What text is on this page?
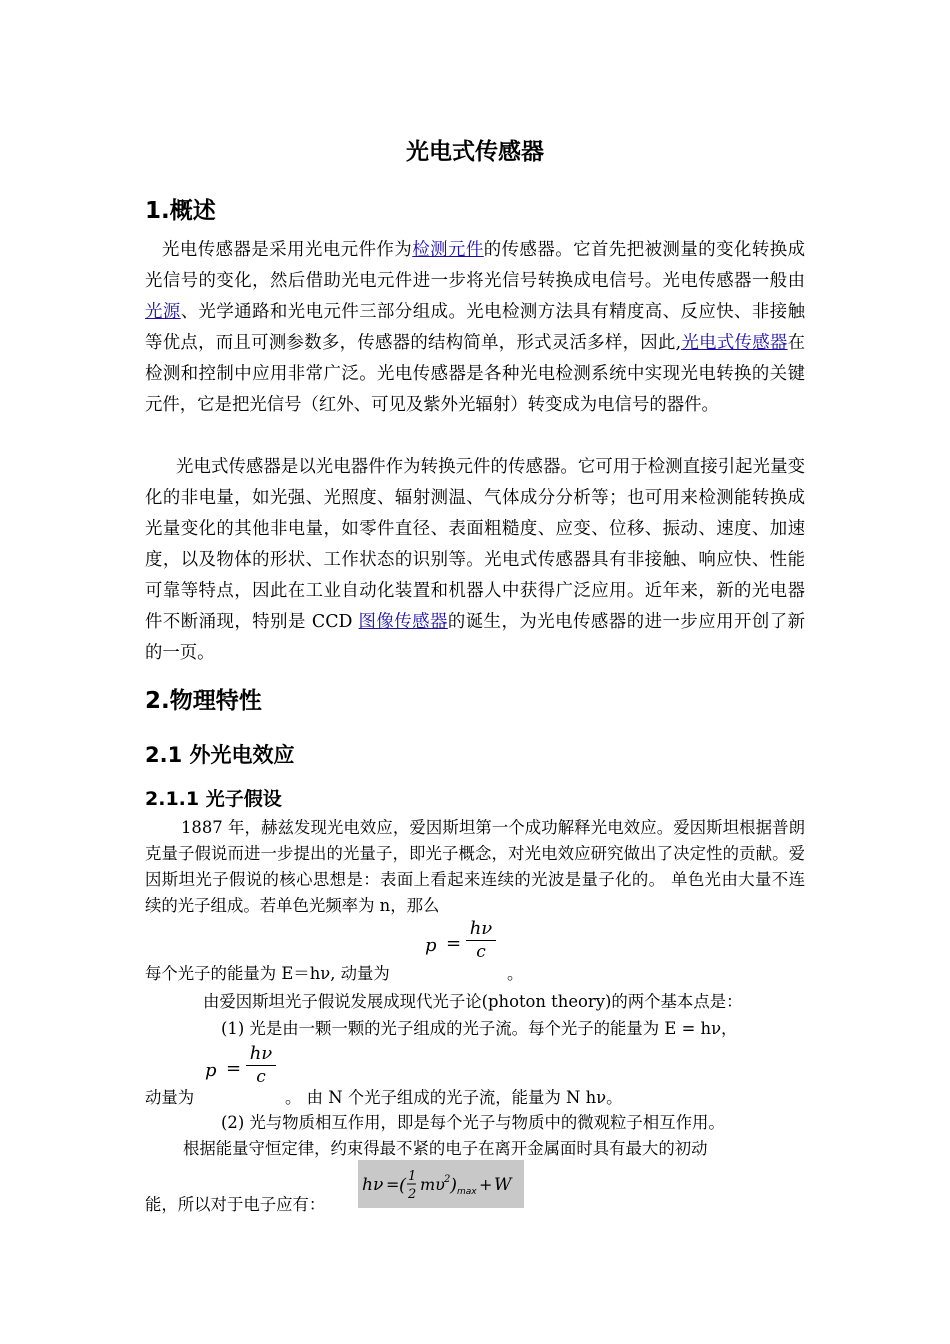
光电式传感器
1.概述
光电传感器是采用光电元件作为检测元件的传感器。它首先把被测量的变化转换成光信号的变化，然后借助光电元件进一步将光信号转换成电信号。光电传感器一般由光源、光学通路和光电元件三部分组成。光电检测方法具有精度高、反应快、非接触等优点，而且可测参数多，传感器的结构简单，形式灵活多样，因此,光电式传感器在检测和控制中应用非常广泛。光电传感器是各种光电检测系统中实现光电转换的关键元件，它是把光信号（红外、可见及紫外光辐射）转变成为电信号的器件。
光电式传感器是以光电器件作为转换元件的传感器。它可用于检测直接引起光量变化的非电量，如光强、光照度、辐射测温、气体成分分析等；也可用来检测能转换成光量变化的其他非电量，如零件直径、表面粗糙度、应变、位移、振动、速度、加速度，以及物体的形状、工作状态的识别等。光电式传感器具有非接触、响应快、性能可靠等特点，因此在工业自动化装置和机器人中获得广泛应用。近年来，新的光电器件不断涌现，特别是 CCD 图像传感器的诞生，为光电传感器的进一步应用开创了新的一页。
2.物理特性
2.1 外光电效应
2.1.1 光子假设
1887 年，赫兹发现光电效应，爱因斯坦第一个成功解释光电效应。爱因斯坦根据普朗克量子假说而进一步提出的光量子，即光子概念，对光电效应研究做出了决定性的贡献。爱因斯坦光子假说的核心思想是：表面上看起来连续的光波是量子化的。 单色光由大量不连续的光子组成。若单色光频率为 n，那么
每个光子的能量为 E＝hν, 动量为
p =
hν
c
。
由爱因斯坦光子假说发展成现代光子论(photon theory)的两个基本点是：
(1) 光是由一颗一颗的光子组成的光子流。每个光子的能量为 E = hν，
动量为
p =
hν
c
。 由 N 个光子组成的光子流，能量为 N hν。
(2) 光与物质相互作用，即是每个光子与物质中的微观粒子相互作用。
根据能量守恒定律，约束得最不紧的电子在离开金属面时具有最大的初动
能，所以对于电子应有：
hν = ( 1
2
mυ 2 ) max + W
